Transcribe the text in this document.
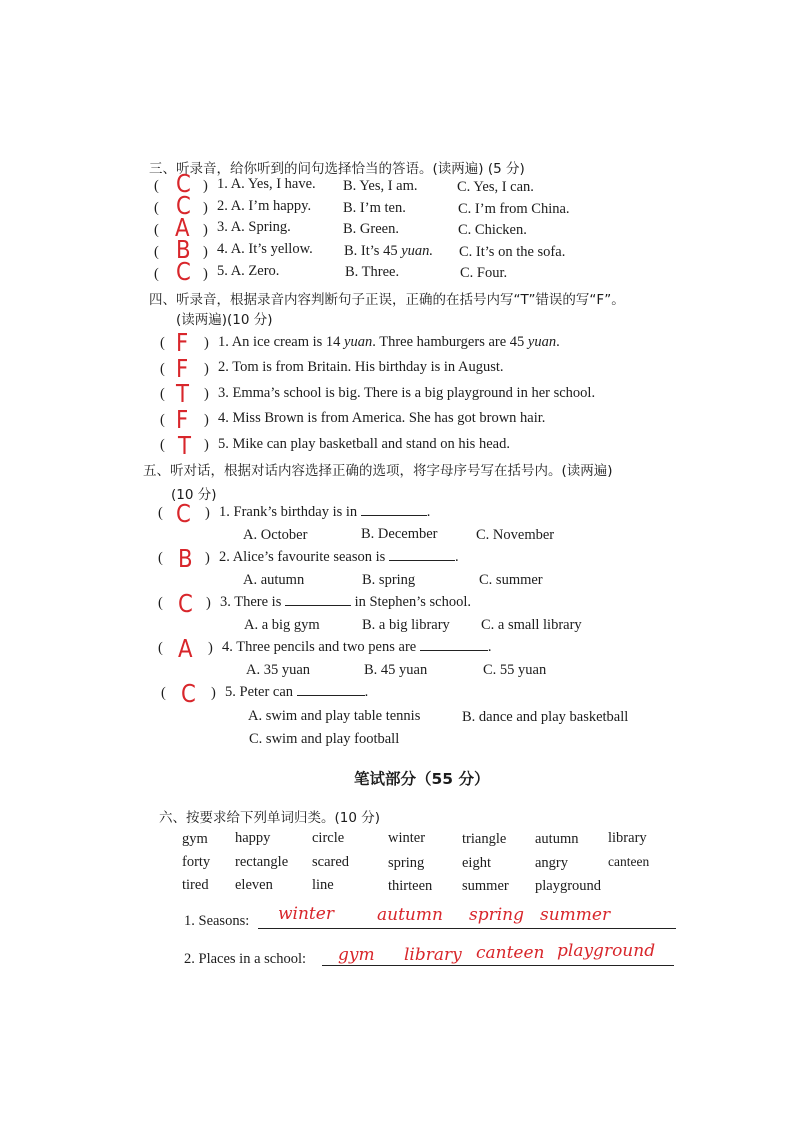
三、听录音，给你听到的问句选择恰当的答语。(读两遍) (5 分)
( C ) 1. A. Yes, I have. B. Yes, I am.	C. Yes, I can.
( C ) 2. A. I’m happy. B. I’m ten.	C. I’m from China.
( A ) 3. A. Spring.	B. Green.	C. Chicken.
( B ) 4. A. It’s yellow. B. It’s 45 yuan. C. It’s on the sofa.
( C ) 5. A. Zero.	B. Three.	C. Four.
四、听录音，根据录音内容判断句子正误，正确的在括号内写“T”错误的写“F”。
(读两遍)(10 分)
( F ) 1. An ice cream is 14 yuan. Three hamburgers are 45 yuan.
( F ) 2. Tom is from Britain. His birthday is in August.
( T ) 3. Emma’s school is big. There is a big playground in her school.
( F ) 4. Miss Brown is from America. She has got brown hair.
( T ) 5. Mike can play basketball and stand on his head.
五、听对话，根据对话内容选择正确的选项，将字母序号写在括号内。(读两遍)
(10 分)
( C ) 1. Frank’s birthday is in	.
A. October	B. December	C. November
( B ) 2. Alice’s favourite season is	.
A. autumn	B. spring	C. summer
( C ) 3. There is	in Stephen’s school.
A. a big gym	B. a big library C. a small library
( A ) 4. Three pencils and two pens are	.
A. 35 yuan	B. 45 yuan	C. 55 yuan
( C ) 5. Peter can	.
A. swim and play table tennis	B. dance and play basketball
C. swim and play football
笔试部分（55 分）
六、按要求给下列单词归类。(10 分)
gym happy	circle	winter	triangle autumn library
forty rectangle scared	spring	eight	angry	canteen
tired eleven	line	thirteen summer playground
1. Seasons: winter	autumn spring summer
2. Places in a school: gym library canteen playground
